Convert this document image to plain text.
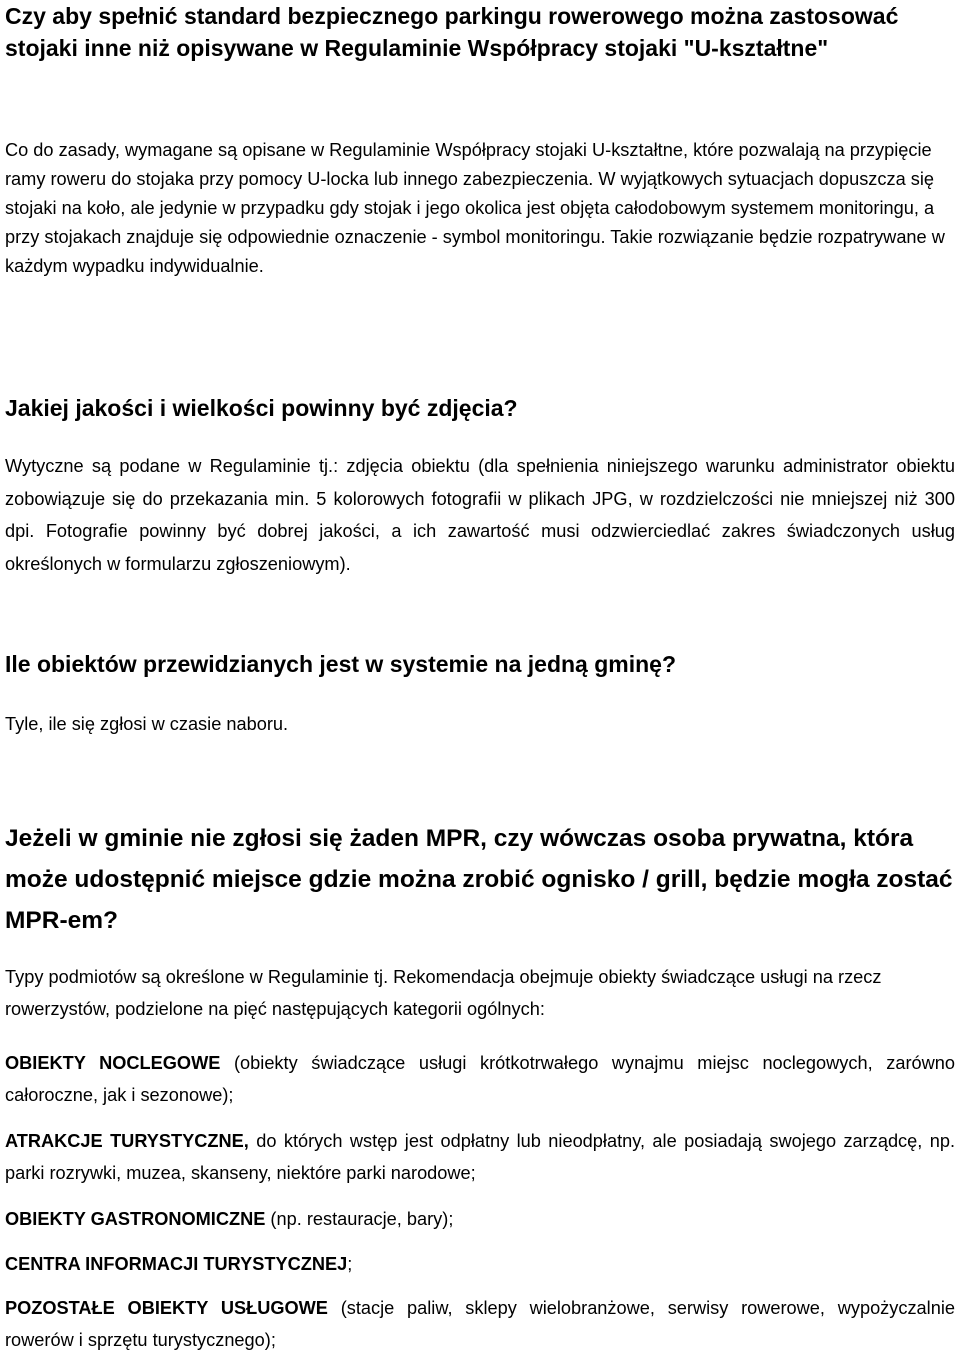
Czy aby spełnić standard bezpiecznego parkingu rowerowego można zastosować stojaki inne niż opisywane w Regulaminie Współpracy stojaki "U-kształtne"

Co do zasady, wymagane są opisane w Regulaminie Współpracy stojaki U-kształtne, które pozwalają na przypięcie ramy roweru do stojaka przy pomocy U-locka lub innego zabezpieczenia. W wyjątkowych sytuacjach dopuszcza się stojaki na koło, ale jedynie w przypadku gdy stojak i jego okolica jest objęta całodobowym systemem monitoringu, a przy stojakach znajduje się odpowiednie oznaczenie - symbol monitoringu. Takie rozwiązanie będzie rozpatrywane w każdym wypadku indywidualnie.

Jakiej jakości i wielkości powinny być zdjęcia?

Wytyczne są podane w Regulaminie tj.: zdjęcia obiektu (dla spełnienia niniejszego warunku administrator obiektu zobowiązuje się do przekazania min. 5 kolorowych fotografii w plikach JPG, w rozdzielczości nie mniejszej niż 300 dpi. Fotografie powinny być dobrej jakości, a ich zawartość musi odzwierciedlać zakres świadczonych usług określonych w formularzu zgłoszeniowym).

Ile obiektów przewidzianych jest w systemie na jedną gminę?

Tyle, ile się zgłosi w czasie naboru.

Jeżeli w gminie nie zgłosi się żaden MPR, czy wówczas osoba prywatna, która może udostępnić miejsce gdzie można zrobić ognisko / grill, będzie mogła zostać MPR-em?

Typy podmiotów są określone w Regulaminie tj. Rekomendacja obejmuje obiekty świadczące usługi na rzecz rowerzystów, podzielone na pięć następujących kategorii ogólnych:

OBIEKTY NOCLEGOWE (obiekty świadczące usługi krótkotrwałego wynajmu miejsc noclegowych, zarówno całoroczne, jak i sezonowe);

ATRAKCJE TURYSTYCZNE, do których wstęp jest odpłatny lub nieodpłatny, ale posiadają swojego zarządcę, np. parki rozrywki, muzea, skanseny, niektóre parki narodowe;

OBIEKTY GASTRONOMICZNE (np. restauracje, bary);

CENTRA INFORMACJI TURYSTYCZNEJ;

POZOSTAŁE OBIEKTY USŁUGOWE (stacje paliw, sklepy wielobranżowe, serwisy rowerowe, wypożyczalnie rowerów i sprzętu turystycznego);
